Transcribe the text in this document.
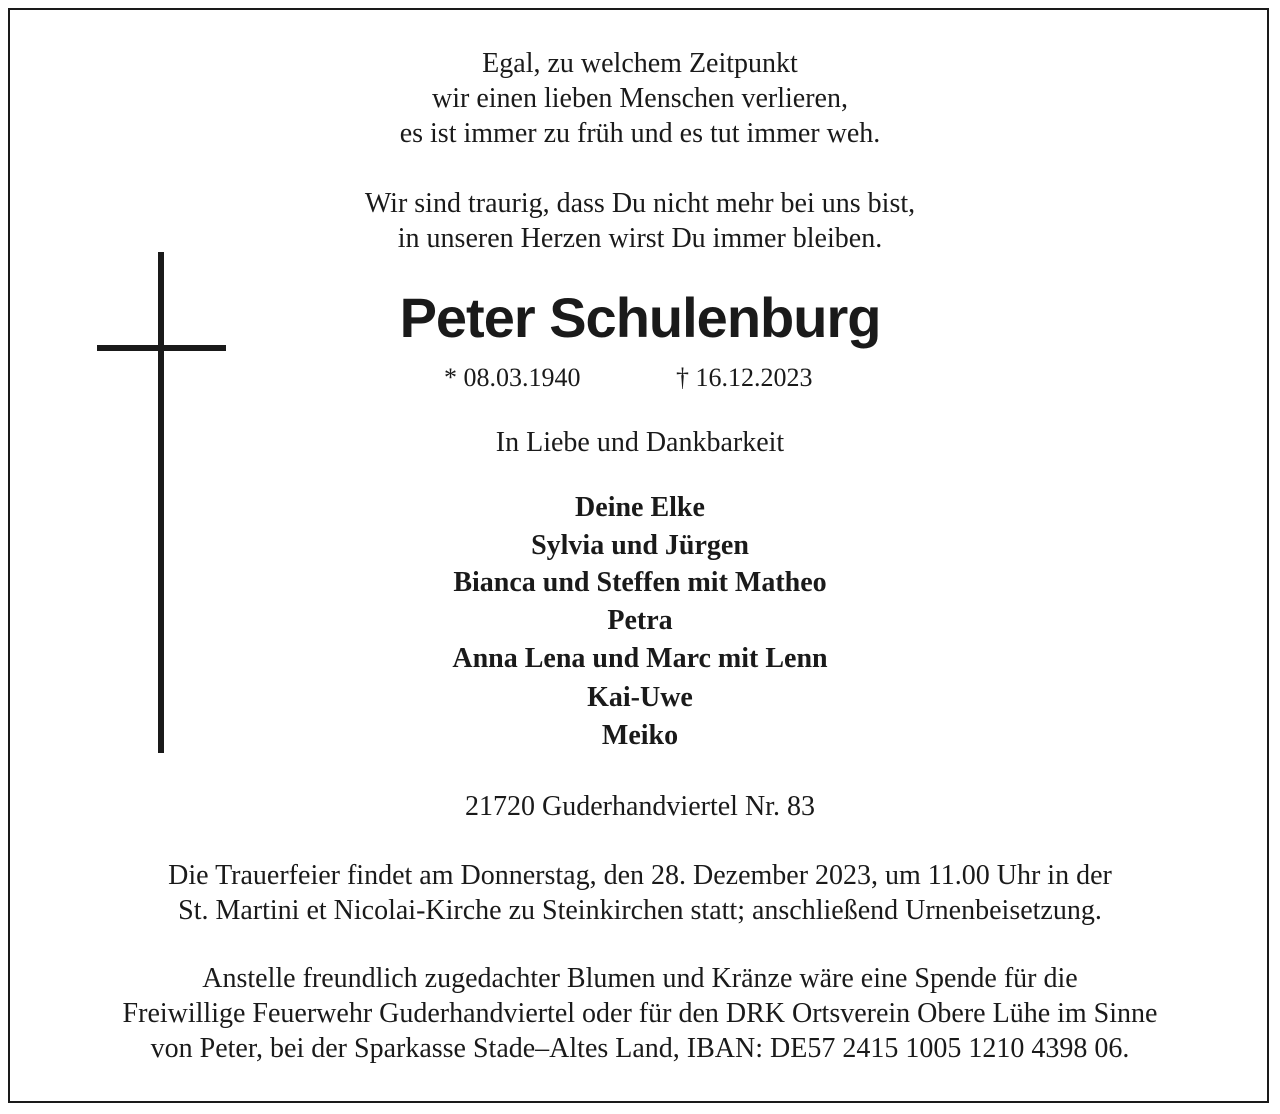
Egal, zu welchem Zeitpunkt
wir einen lieben Menschen verlieren,
es ist immer zu früh und es tut immer weh.
Wir sind traurig, dass Du nicht mehr bei uns bist,
in unseren Herzen wirst Du immer bleiben.
Peter Schulenburg
* 08.03.1940	† 16.12.2023
In Liebe und Dankbarkeit
Deine Elke
Sylvia und Jürgen
Bianca und Steffen mit Matheo
Petra
Anna Lena und Marc mit Lenn
Kai-Uwe
Meiko
21720 Guderhandviertel Nr. 83
Die Trauerfeier findet am Donnerstag, den 28. Dezember 2023, um 11.00 Uhr in der
St. Martini et Nicolai-Kirche zu Steinkirchen statt; anschließend Urnenbeisetzung.
Anstelle freundlich zugedachter Blumen und Kränze wäre eine Spende für die
Freiwillige Feuerwehr Guderhandviertel oder für den DRK Ortsverein Obere Lühe im Sinne
von Peter, bei der Sparkasse Stade–Altes Land, IBAN: DE57 2415 1005 1210 4398 06.
